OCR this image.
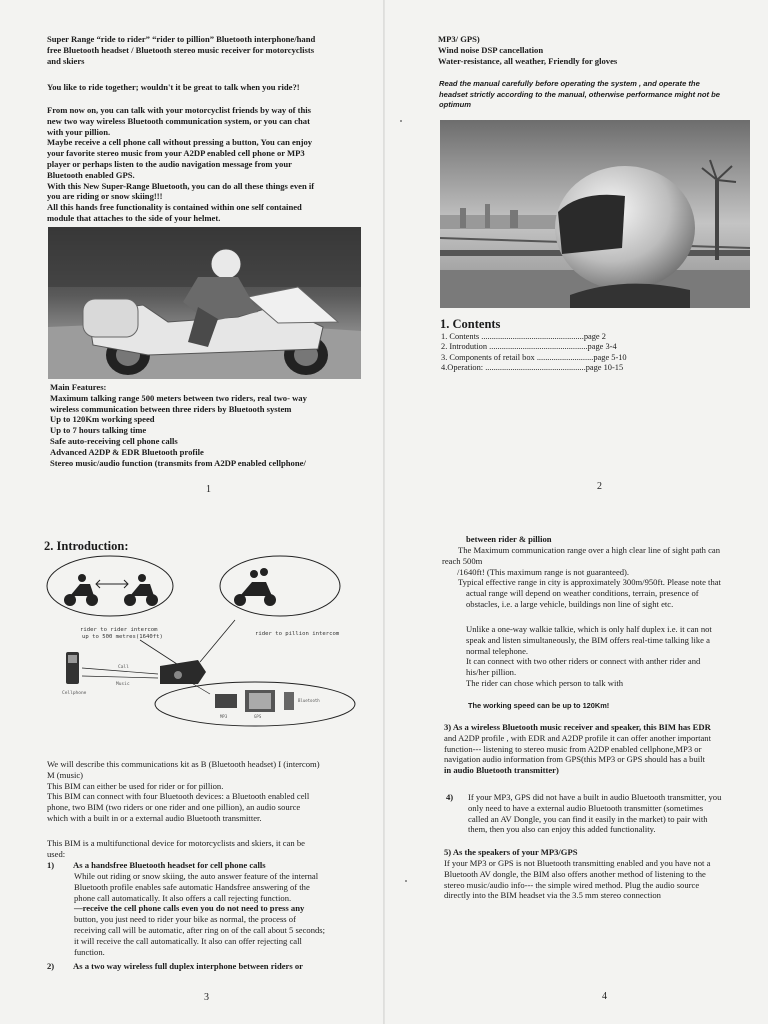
Super Range “ride to rider” “rider to pillion” Bluetooth interphone/hand
free Bluetooth headset / Bluetooth stereo music receiver for motorcyclists
and skiers
You like to ride together; wouldn't it be great to talk when you ride?!
From now on, you can talk with your motorcyclist friends by way of this
new two way wireless Bluetooth communication system, or you can chat
with your pillion.
Maybe receive a cell phone call without pressing a button, You can enjoy
your favorite stereo music from your A2DP enabled cell phone or MP3
player or perhaps listen to the audio navigation message from your
Bluetooth enabled GPS.
With this New Super-Range Bluetooth, you can do all these things even if
you are riding or snow skiing!!!
All this hands free functionality is contained within one self contained
module that attaches to the side of your helmet.
Main Features:
Maximum talking range 500 meters between two riders, real two- way
wireless communication between three riders by Bluetooth system
Up to 120Km working speed
Up to 7 hours talking time
Safe auto-receiving cell phone calls
Advanced A2DP & EDR Bluetooth profile
Stereo music/audio function (transmits from A2DP enabled cellphone/
1
MP3/ GPS)
Wind noise DSP cancellation
Water-resistance, all weather, Friendly for gloves
Read the manual carefully before operating the system , and operate the
headset strictly according to the manual, otherwise performance might not be
optimum
1. Contents
1. Contents .................................................page 2
2. Introdution ...............................................page 3-4
3. Components of retail box ...........................page 5-10
4.Operation: ................................................page 10-15
2
2. Introduction:
rider to rider intercom
up to 500 metres(1640ft)	rider to pillion intercom
Cellphone
Call
Music
MP3	GPS
Bluetooth
We will describe this communications kit as B (Bluetooth headset) I (intercom)
M (music)
This BIM can either be used for rider or for pillion.
This BIM can connect with four Bluetooth devices: a Bluetooth enabled cell
phone, two BIM (two riders or one rider and one pillion), an audio source
which with a built in or a external audio Bluetooth transmitter.
This BIM is a multifunctional device for motorcyclists and skiers, it can be
used:
1) As a handsfree Bluetooth headset for cell phone calls
While out riding or snow skiing, the auto answer feature of the internal
Bluetooth profile enables safe automatic Handsfree answering of the
phone call automatically. It also offers a call rejecting function.
—receive the cell phone calls even you do not need to press any
button, you just need to rider your bike as normal, the process of
receiving call will be automatic, after ring on of the call about 5 seconds;
it will receive the call automatically. It also can offer rejecting call
function.
2) As a two way wireless full duplex interphone between riders or
3
between rider & pillion
The Maximum communication range over a high clear line of sight path can
reach 500m
/1640ft! (This maximum range is not guaranteed).
Typical effective range in city is approximately 300m/950ft. Please note that
actual range will depend on weather conditions, terrain, presence of
obstacles, i.e. a large vehicle, buildings non line of sight etc.
Unlike a one-way walkie talkie, which is only half duplex i.e. it can not
speak and listen simultaneously, the BIM offers real-time talking like a
normal telephone.
It can connect with two other riders or connect with anther rider and
his/her pillion.
The rider can chose which person to talk with
The working speed can be up to 120Km!
3) As a wireless Bluetooth music receiver and speaker, this BIM has EDR
and A2DP profile , with EDR and A2DP profile it can offer another important
function--- listening to stereo music from A2DP enabled cellphone,MP3 or
navigation audio information from GPS(this MP3 or GPS should has a built
in audio Bluetooth transmitter)
4) If your MP3, GPS did not have a built in audio Bluetooth transmitter, you
only need to have a external audio Bluetooth transmitter (sometimes
called an AV Dongle, you can find it easily in the market) to pair with
them, then you also can enjoy this added functionality.
5) As the speakers of your MP3/GPS
If your MP3 or GPS is not Bluetooth transmitting enabled and you have not a
Bluetooth AV dongle, the BIM also offers another method of listening to the
stereo music/audio info--- the simple wired method. Plug the audio source
directly into the BIM headset via the 3.5 mm stereo connection
4
